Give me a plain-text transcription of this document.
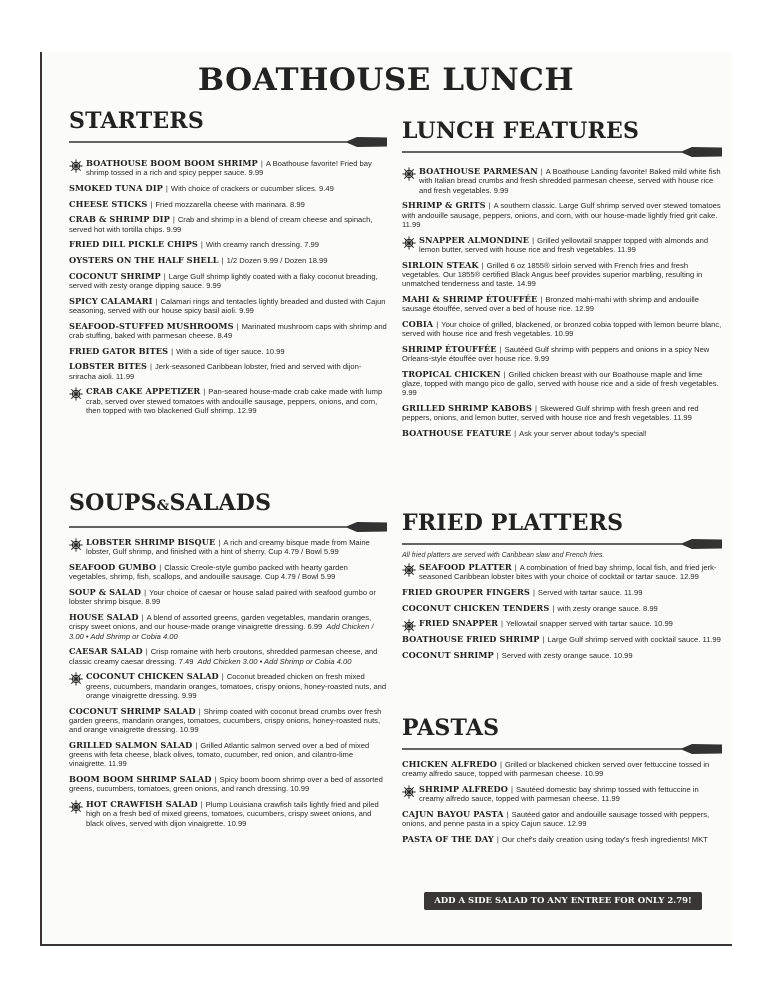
BOATHOUSE LUNCH
STARTERS
BOATHOUSE BOOM BOOM SHRIMP | A Boathouse favorite! Fried bay shrimp tossed in a rich and spicy pepper sauce. 9.99
SMOKED TUNA DIP | With choice of crackers or cucumber slices. 9.49
CHEESE STICKS | Fried mozzarella cheese with marinara. 8.99
CRAB & SHRIMP DIP | Crab and shrimp in a blend of cream cheese and spinach, served hot with tortilla chips. 9.99
FRIED DILL PICKLE CHIPS | With creamy ranch dressing. 7.99
OYSTERS ON THE HALF SHELL | 1/2 Dozen 9.99 / Dozen 18.99
COCONUT SHRIMP | Large Gulf shrimp lightly coated with a flaky coconut breading, served with zesty orange dipping sauce. 9.99
SPICY CALAMARI | Calamari rings and tentacles lightly breaded and dusted with Cajun seasoning, served with our house spicy basil aioli. 9.99
SEAFOOD-STUFFED MUSHROOMS | Marinated mushroom caps with shrimp and crab stuffing, baked with parmesan cheese. 8.49
FRIED GATOR BITES | With a side of tiger sauce. 10.99
LOBSTER BITES | Jerk-seasoned Caribbean lobster, fried and served with dijon-sriracha aioli. 11.99
CRAB CAKE APPETIZER | Pan-seared house-made crab cake made with lump crab, served over stewed tomatoes with andouille sausage, peppers, onions, and corn, then topped with two blackened Gulf shrimp. 12.99
SOUPS&SALADS
LOBSTER SHRIMP BISQUE | A rich and creamy bisque made from Maine lobster, Gulf shrimp, and finished with a hint of sherry. Cup 4.79 / Bowl 5.99
SEAFOOD GUMBO | Classic Creole-style gumbo packed with hearty garden vegetables, shrimp, fish, scallops, and andouille sausage. Cup 4.79 / Bowl 5.99
SOUP & SALAD | Your choice of caesar or house salad paired with seafood gumbo or lobster shrimp bisque. 8.99
HOUSE SALAD | A blend of assorted greens, garden vegetables, mandarin oranges, crispy sweet onions, and our house-made orange vinaigrette dressing. 6.99 Add Chicken / 3.00 • Add Shrimp or Cobia 4.00
CAESAR SALAD | Crisp romaine with herb croutons, shredded parmesan cheese, and classic creamy caesar dressing. 7.49 Add Chicken 3.00 • Add Shrimp or Cobia 4.00
COCONUT CHICKEN SALAD | Coconut breaded chicken on fresh mixed greens, cucumbers, mandarin oranges, tomatoes, crispy onions, honey-roasted nuts, and orange vinaigrette dressing. 9.99
COCONUT SHRIMP SALAD | Shrimp coated with coconut bread crumbs over fresh garden greens, mandarin oranges, tomatoes, cucumbers, crispy onions, honey-roasted nuts, and orange vinaigrette dressing. 10.99
GRILLED SALMON SALAD | Grilled Atlantic salmon served over a bed of mixed greens with feta cheese, black olives, tomato, cucumber, red onion, and cilantro-lime vinaigrette. 11.99
BOOM BOOM SHRIMP SALAD | Spicy boom boom shrimp over a bed of assorted greens, cucumbers, tomatoes, green onions, and ranch dressing. 10.99
HOT CRAWFISH SALAD | Plump Louisiana crawfish tails lightly fried and piled high on a fresh bed of mixed greens, tomatoes, cucumbers, crispy sweet onions, and black olives, served with dijon vinaigrette. 10.99
LUNCH FEATURES
BOATHOUSE PARMESAN | A Boathouse Landing favorite! Baked mild white fish with Italian bread crumbs and fresh shredded parmesan cheese, served with house rice and fresh vegetables. 9.99
SHRIMP & GRITS | A southern classic. Large Gulf shrimp served over stewed tomatoes with andouille sausage, peppers, onions, and corn, with our house-made lightly fried grit cake. 11.99
SNAPPER ALMONDINE | Grilled yellowtail snapper topped with almonds and lemon butter, served with house rice and fresh vegetables. 11.99
SIRLOIN STEAK | Grilled 6 oz 1855® sirloin served with French fries and fresh vegetables. Our 1855® certified Black Angus beef provides superior marbling, resulting in unmatched tenderness and taste. 14.99
MAHI & SHRIMP ÉTOUFFÉE | Bronzed mahi-mahi with shrimp and andouille sausage étouffée, served over a bed of house rice. 12.99
COBIA | Your choice of grilled, blackened, or bronzed cobia topped with lemon beurre blanc, served with house rice and fresh vegetables. 10.99
SHRIMP ÉTOUFFÉE | Sautéed Gulf shrimp with peppers and onions in a spicy New Orleans-style étouffée over house rice. 9.99
TROPICAL CHICKEN | Grilled chicken breast with our Boathouse maple and lime glaze, topped with mango pico de gallo, served with house rice and a side of fresh vegetables. 9.99
GRILLED SHRIMP KABOBS | Skewered Gulf shrimp with fresh green and red peppers, onions, and lemon butter, served with house rice and fresh vegetables. 11.99
BOATHOUSE FEATURE | Ask your server about today's special!
FRIED PLATTERS
All fried platters are served with Caribbean slaw and French fries.
SEAFOOD PLATTER | A combination of fried bay shrimp, local fish, and fried jerk-seasoned Caribbean lobster bites with your choice of cocktail or tartar sauce. 12.99
FRIED GROUPER FINGERS | Served with tartar sauce. 11.99
COCONUT CHICKEN TENDERS | with zesty orange sauce. 8.99
FRIED SNAPPER | Yellowtail snapper served with tartar sauce. 10.99
BOATHOUSE FRIED SHRIMP | Large Gulf shrimp served with cocktail sauce. 11.99
COCONUT SHRIMP | Served with zesty orange sauce. 10.99
PASTAS
CHICKEN ALFREDO | Grilled or blackened chicken served over fettuccine tossed in creamy alfredo sauce, topped with parmesan cheese. 10.99
SHRIMP ALFREDO | Sautéed domestic bay shrimp tossed with fettuccine in creamy alfredo sauce, topped with parmesan cheese. 11.99
CAJUN BAYOU PASTA | Sautéed gator and andouille sausage tossed with peppers, onions, and penne pasta in a spicy Cajun sauce. 12.99
PASTA OF THE DAY | Our chef's daily creation using today's fresh ingredients! MKT
ADD A SIDE SALAD TO ANY ENTREE FOR ONLY 2.79!
